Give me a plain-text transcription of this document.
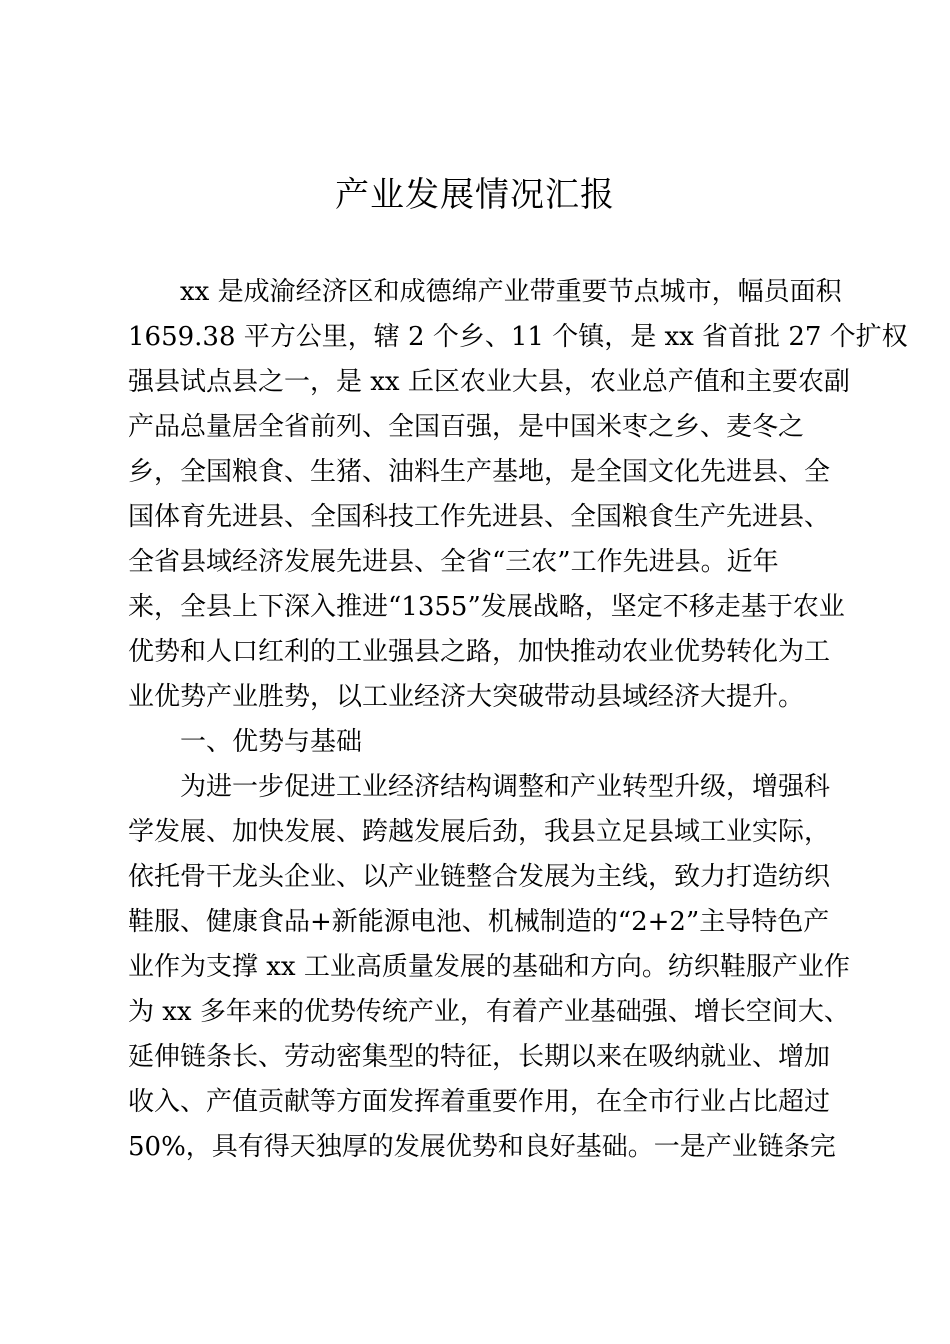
产业发展情况汇报
xx 是成渝经济区和成德绵产业带重要节点城市，幅员面积
1659.38 平方公里，辖 2 个乡、11 个镇，是 xx 省首批 27 个扩权
强县试点县之一，是 xx 丘区农业大县，农业总产值和主要农副
产品总量居全省前列、全国百强，是中国米枣之乡、麦冬之
乡，全国粮食、生猪、油料生产基地，是全国文化先进县、全
国体育先进县、全国科技工作先进县、全国粮食生产先进县、
全省县域经济发展先进县、全省“三农”工作先进县。近年
来，全县上下深入推进“1355”发展战略，坚定不移走基于农业
优势和人口红利的工业强县之路，加快推动农业优势转化为工
业优势产业胜势，以工业经济大突破带动县域经济大提升。
一、优势与基础
为进一步促进工业经济结构调整和产业转型升级，增强科
学发展、加快发展、跨越发展后劲，我县立足县域工业实际，
依托骨干龙头企业、以产业链整合发展为主线，致力打造纺织
鞋服、健康食品+新能源电池、机械制造的“2+2”主导特色产
业作为支撑 xx 工业高质量发展的基础和方向。纺织鞋服产业作
为 xx 多年来的优势传统产业，有着产业基础强、增长空间大、
延伸链条长、劳动密集型的特征，长期以来在吸纳就业、增加
收入、产值贡献等方面发挥着重要作用，在全市行业占比超过
50%，具有得天独厚的发展优势和良好基础。一是产业链条完
